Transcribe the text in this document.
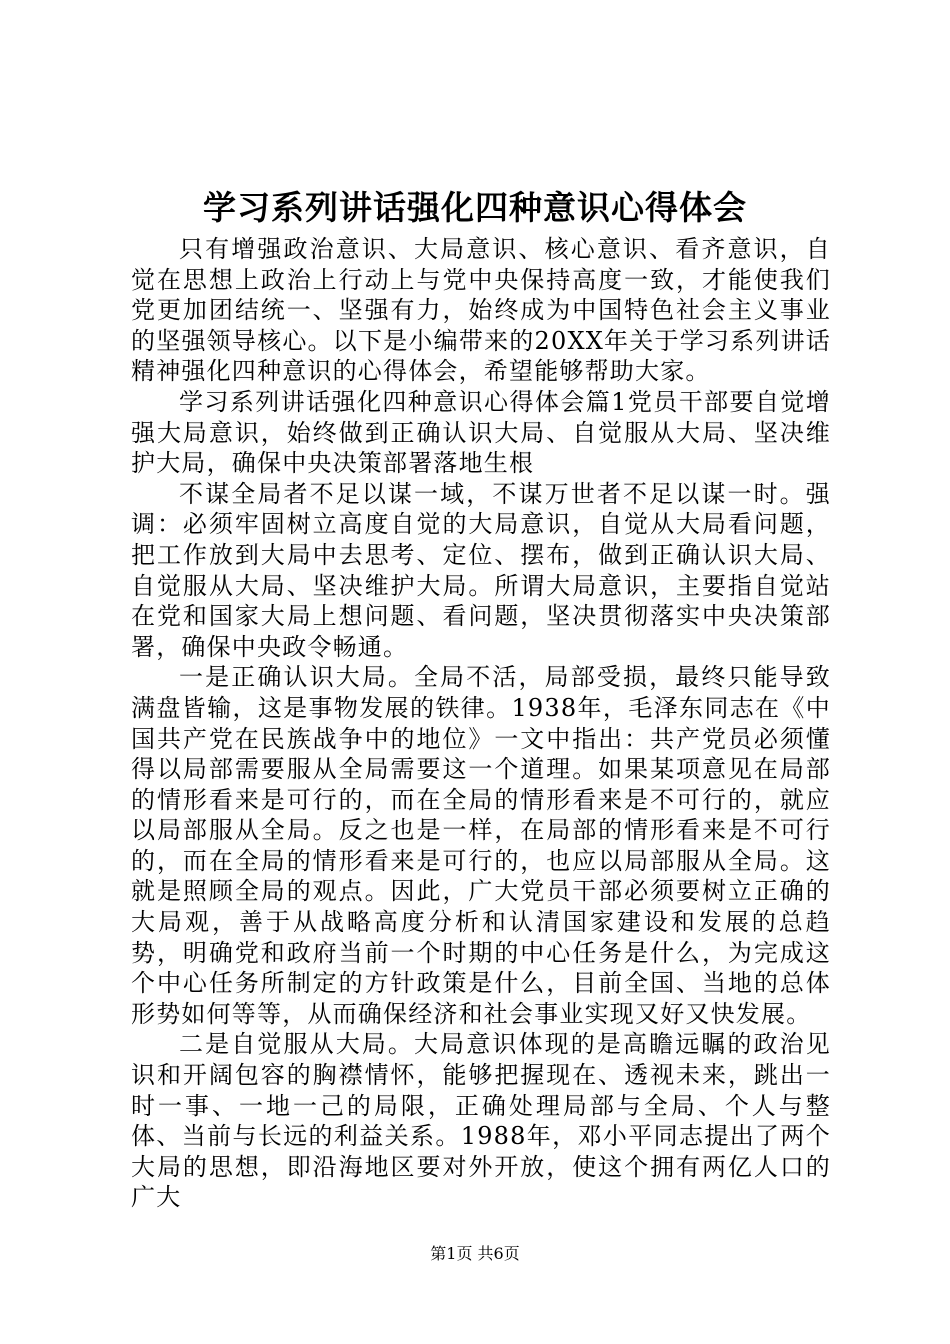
学习系列讲话强化四种意识心得体会

只有增强政治意识、大局意识、核心意识、看齐意识，自觉在思想上政治上行动上与党中央保持高度一致，才能使我们党更加团结统一、坚强有力，始终成为中国特色社会主义事业的坚强领导核心。以下是小编带来的20XX年关于学习系列讲话精神强化四种意识的心得体会，希望能够帮助大家。

学习系列讲话强化四种意识心得体会篇1党员干部要自觉增强大局意识，始终做到正确认识大局、自觉服从大局、坚决维护大局，确保中央决策部署落地生根

不谋全局者不足以谋一域，不谋万世者不足以谋一时。强调：必须牢固树立高度自觉的大局意识，自觉从大局看问题，把工作放到大局中去思考、定位、摆布，做到正确认识大局、自觉服从大局、坚决维护大局。所谓大局意识，主要指自觉站在党和国家大局上想问题、看问题，坚决贯彻落实中央决策部署，确保中央政令畅通。

一是正确认识大局。全局不活，局部受损，最终只能导致满盘皆输，这是事物发展的铁律。1938年，毛泽东同志在《中国共产党在民族战争中的地位》一文中指出：共产党员必须懂得以局部需要服从全局需要这一个道理。如果某项意见在局部的情形看来是可行的，而在全局的情形看来是不可行的，就应以局部服从全局。反之也是一样，在局部的情形看来是不可行的，而在全局的情形看来是可行的，也应以局部服从全局。这就是照顾全局的观点。因此，广大党员干部必须要树立正确的大局观，善于从战略高度分析和认清国家建设和发展的总趋势，明确党和政府当前一个时期的中心任务是什么，为完成这个中心任务所制定的方针政策是什么，目前全国、当地的总体形势如何等等，从而确保经济和社会事业实现又好又快发展。

二是自觉服从大局。大局意识体现的是高瞻远瞩的政治见识和开阔包容的胸襟情怀，能够把握现在、透视未来，跳出一时一事、一地一己的局限，正确处理局部与全局、个人与整体、当前与长远的利益关系。1988年，邓小平同志提出了两个大局的思想，即沿海地区要对外开放，使这个拥有两亿人口的广大

第1页 共6页
